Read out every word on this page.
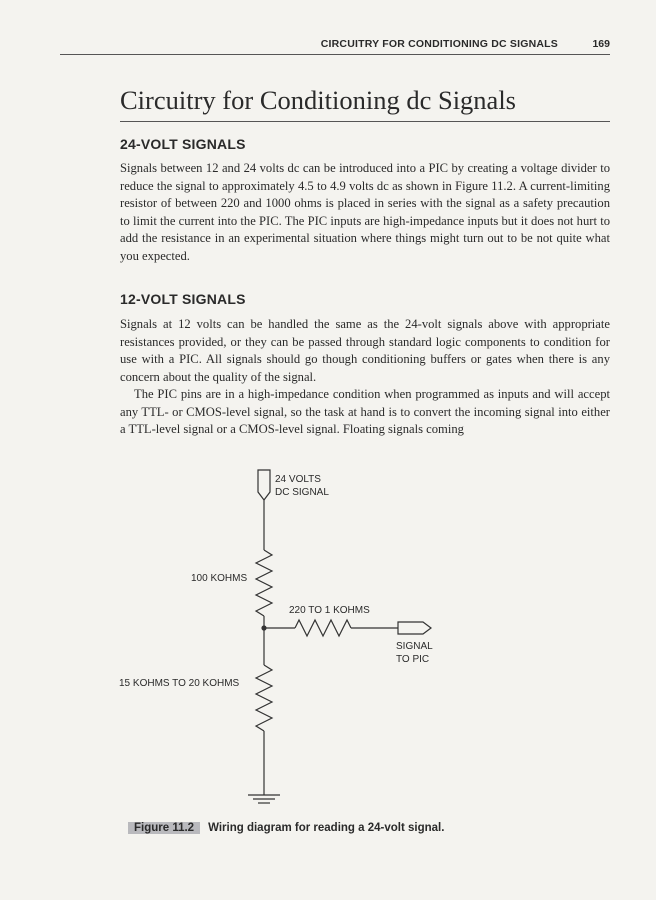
CIRCUITRY FOR CONDITIONING DC SIGNALS	169
Circuitry for Conditioning dc Signals
24-VOLT SIGNALS

Signals between 12 and 24 volts dc can be introduced into a PIC by creating a voltage divider to reduce the signal to approximately 4.5 to 4.9 volts dc as shown in Figure 11.2. A current-limiting resistor of between 220 and 1000 ohms is placed in series with the signal as a safety precaution to limit the current into the PIC. The PIC inputs are high-impedance inputs but it does not hurt to add the resistance in an experimental situation where things might turn out to be not quite what you expected.

12-VOLT SIGNALS

Signals at 12 volts can be handled the same as the 24-volt signals above with appropriate resistances provided, or they can be passed through standard logic components to condition for use with a PIC. All signals should go though conditioning buffers or gates when there is any concern about the quality of the signal.

The PIC pins are in a high-impedance condition when programmed as inputs and will accept any TTL- or CMOS-level signal, so the task at hand is to convert the incoming signal into either a TTL-level signal or a CMOS-level signal. Floating signals coming

24 VOLTS
DC SIGNAL
100 KOHMS
220 TO 1 KOHMS
SIGNAL
TO PIC
15 KOHMS TO 20 KOHMS
Figure 11.2 Wiring diagram for reading a 24-volt signal.
